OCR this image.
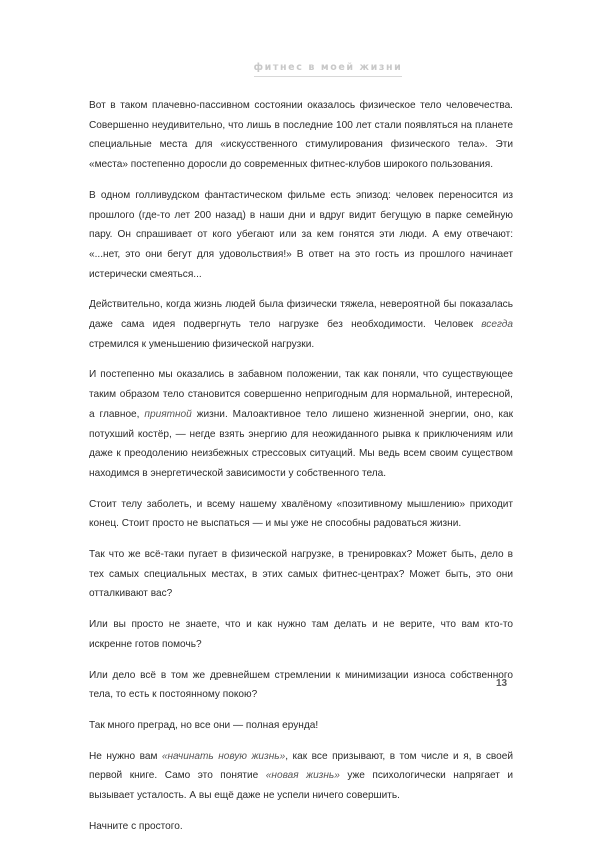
фитнес в моей жизни

Вот в таком плачевно-пассивном состоянии оказалось физическое тело человечества. Совершенно неудивительно, что лишь в последние 100 лет стали появляться на планете специальные места для «искусственного стимулирования физического тела». Эти «места» постепенно доросли до современных фитнес-клубов широкого пользования.

В одном голливудском фантастическом фильме есть эпизод: человек переносится из прошлого (где-то лет 200 назад) в наши дни и вдруг видит бегущую в парке семейную пару. Он спрашивает от кого убегают или за кем гонятся эти люди. А ему отвечают: «...нет, это они бегут для удовольствия!» В ответ на это гость из прошлого начинает истерически смеяться...

Действительно, когда жизнь людей была физически тяжела, невероятной бы показалась даже сама идея подвергнуть тело нагрузке без необходимости. Человек всегда стремился к уменьшению физической нагрузки.

И постепенно мы оказались в забавном положении, так как поняли, что существующее таким образом тело становится совершенно непригодным для нормальной, интересной, а главное, приятной жизни. Малоактивное тело лишено жизненной энергии, оно, как потухший костёр, — негде взять энергию для неожиданного рывка к приключениям или даже к преодолению неизбежных стрессовых ситуаций. Мы ведь всем своим существом находимся в энергетической зависимости у собственного тела.

Стоит телу заболеть, и всему нашему хвалёному «позитивному мышлению» приходит конец. Стоит просто не выспаться — и мы уже не способны радоваться жизни.

Так что же всё-таки пугает в физической нагрузке, в тренировках? Может быть, дело в тех самых специальных местах, в этих самых фитнес-центрах? Может быть, это они отталкивают вас?

Или вы просто не знаете, что и как нужно там делать и не верите, что вам кто-то искренне готов помочь?

Или дело всё в том же древнейшем стремлении к минимизации износа собственного тела, то есть к постоянному покою?

Так много преград, но все они — полная ерунда!

Не нужно вам «начинать новую жизнь», как все призывают, в том числе и я, в своей первой книге. Само это понятие «новая жизнь» уже психологически напрягает и вызывает усталость. А вы ещё даже не успели ничего совершить.

Начните с простого.

13
